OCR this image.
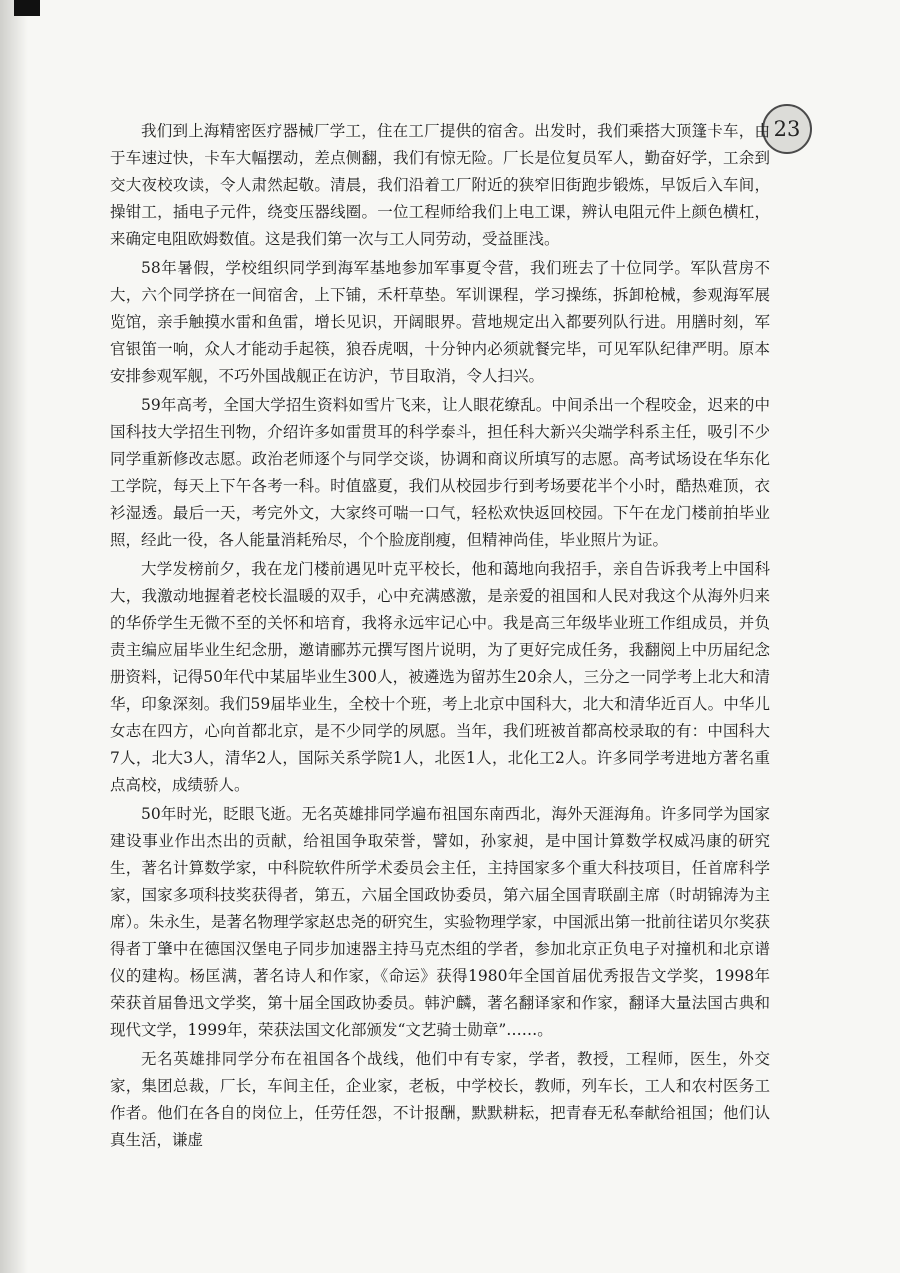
23

我们到上海精密医疗器械厂学工，住在工厂提供的宿舍。出发时，我们乘搭大顶篷卡车，由于车速过快，卡车大幅摆动，差点侧翻，我们有惊无险。厂长是位复员军人，勤奋好学，工余到交大夜校攻读，令人肃然起敬。清晨，我们沿着工厂附近的狭窄旧街跑步锻炼，早饭后入车间，操钳工，插电子元件，绕变压器线圈。一位工程师给我们上电工课，辨认电阻元件上颜色横杠，来确定电阻欧姆数值。这是我们第一次与工人同劳动，受益匪浅。

58年暑假，学校组织同学到海军基地参加军事夏令营，我们班去了十位同学。军队营房不大，六个同学挤在一间宿舍，上下铺，禾杆草垫。军训课程，学习操练，拆卸枪械，参观海军展览馆，亲手触摸水雷和鱼雷，增长见识，开阔眼界。营地规定出入都要列队行进。用膳时刻，军官银笛一响，众人才能动手起筷，狼吞虎咽，十分钟内必须就餐完毕，可见军队纪律严明。原本安排参观军舰，不巧外国战舰正在访沪，节目取消，令人扫兴。

59年高考，全国大学招生资料如雪片飞来，让人眼花缭乱。中间杀出一个程咬金，迟来的中国科技大学招生刊物，介绍许多如雷贯耳的科学泰斗，担任科大新兴尖端学科系主任，吸引不少同学重新修改志愿。政治老师逐个与同学交谈，协调和商议所填写的志愿。高考试场设在华东化工学院，每天上下午各考一科。时值盛夏，我们从校园步行到考场要花半个小时，酷热难顶，衣衫湿透。最后一天，考完外文，大家终可喘一口气，轻松欢快返回校园。下午在龙门楼前拍毕业照，经此一役，各人能量消耗殆尽，个个脸庞削瘦，但精神尚佳，毕业照片为证。

大学发榜前夕，我在龙门楼前遇见叶克平校长，他和蔼地向我招手，亲自告诉我考上中国科大，我激动地握着老校长温暖的双手，心中充满感激，是亲爱的祖国和人民对我这个从海外归来的华侨学生无微不至的关怀和培育，我将永远牢记心中。我是高三年级毕业班工作组成员，并负责主编应届毕业生纪念册，邀请郦苏元撰写图片说明，为了更好完成任务，我翻阅上中历届纪念册资料，记得50年代中某届毕业生300人，被遴选为留苏生20余人，三分之一同学考上北大和清华，印象深刻。我们59届毕业生，全校十个班，考上北京中国科大，北大和清华近百人。中华儿女志在四方，心向首都北京，是不少同学的夙愿。当年，我们班被首都高校录取的有：中国科大7人，北大3人，清华2人，国际关系学院1人，北医1人，北化工2人。许多同学考进地方著名重点高校，成绩骄人。

50年时光，眨眼飞逝。无名英雄排同学遍布祖国东南西北，海外天涯海角。许多同学为国家建设事业作出杰出的贡献，给祖国争取荣誉，譬如，孙家昶，是中国计算数学权威冯康的研究生，著名计算数学家，中科院软件所学术委员会主任，主持国家多个重大科技项目，任首席科学家，国家多项科技奖获得者，第五，六届全国政协委员，第六届全国青联副主席（时胡锦涛为主席）。朱永生，是著名物理学家赵忠尧的研究生，实验物理学家，中国派出第一批前往诺贝尔奖获得者丁肇中在德国汉堡电子同步加速器主持马克杰组的学者，参加北京正负电子对撞机和北京谱仪的建构。杨匡满，著名诗人和作家，《命运》获得1980年全国首届优秀报告文学奖，1998年荣获首届鲁迅文学奖，第十届全国政协委员。韩沪麟，著名翻译家和作家，翻译大量法国古典和现代文学，1999年，荣获法国文化部颁发“文艺骑士勋章”……。

无名英雄排同学分布在祖国各个战线，他们中有专家，学者，教授，工程师，医生，外交家，集团总裁，厂长，车间主任，企业家，老板，中学校长，教师，列车长，工人和农村医务工作者。他们在各自的岗位上，任劳任怨，不计报酬，默默耕耘，把青春无私奉献给祖国；他们认真生活，谦虚
